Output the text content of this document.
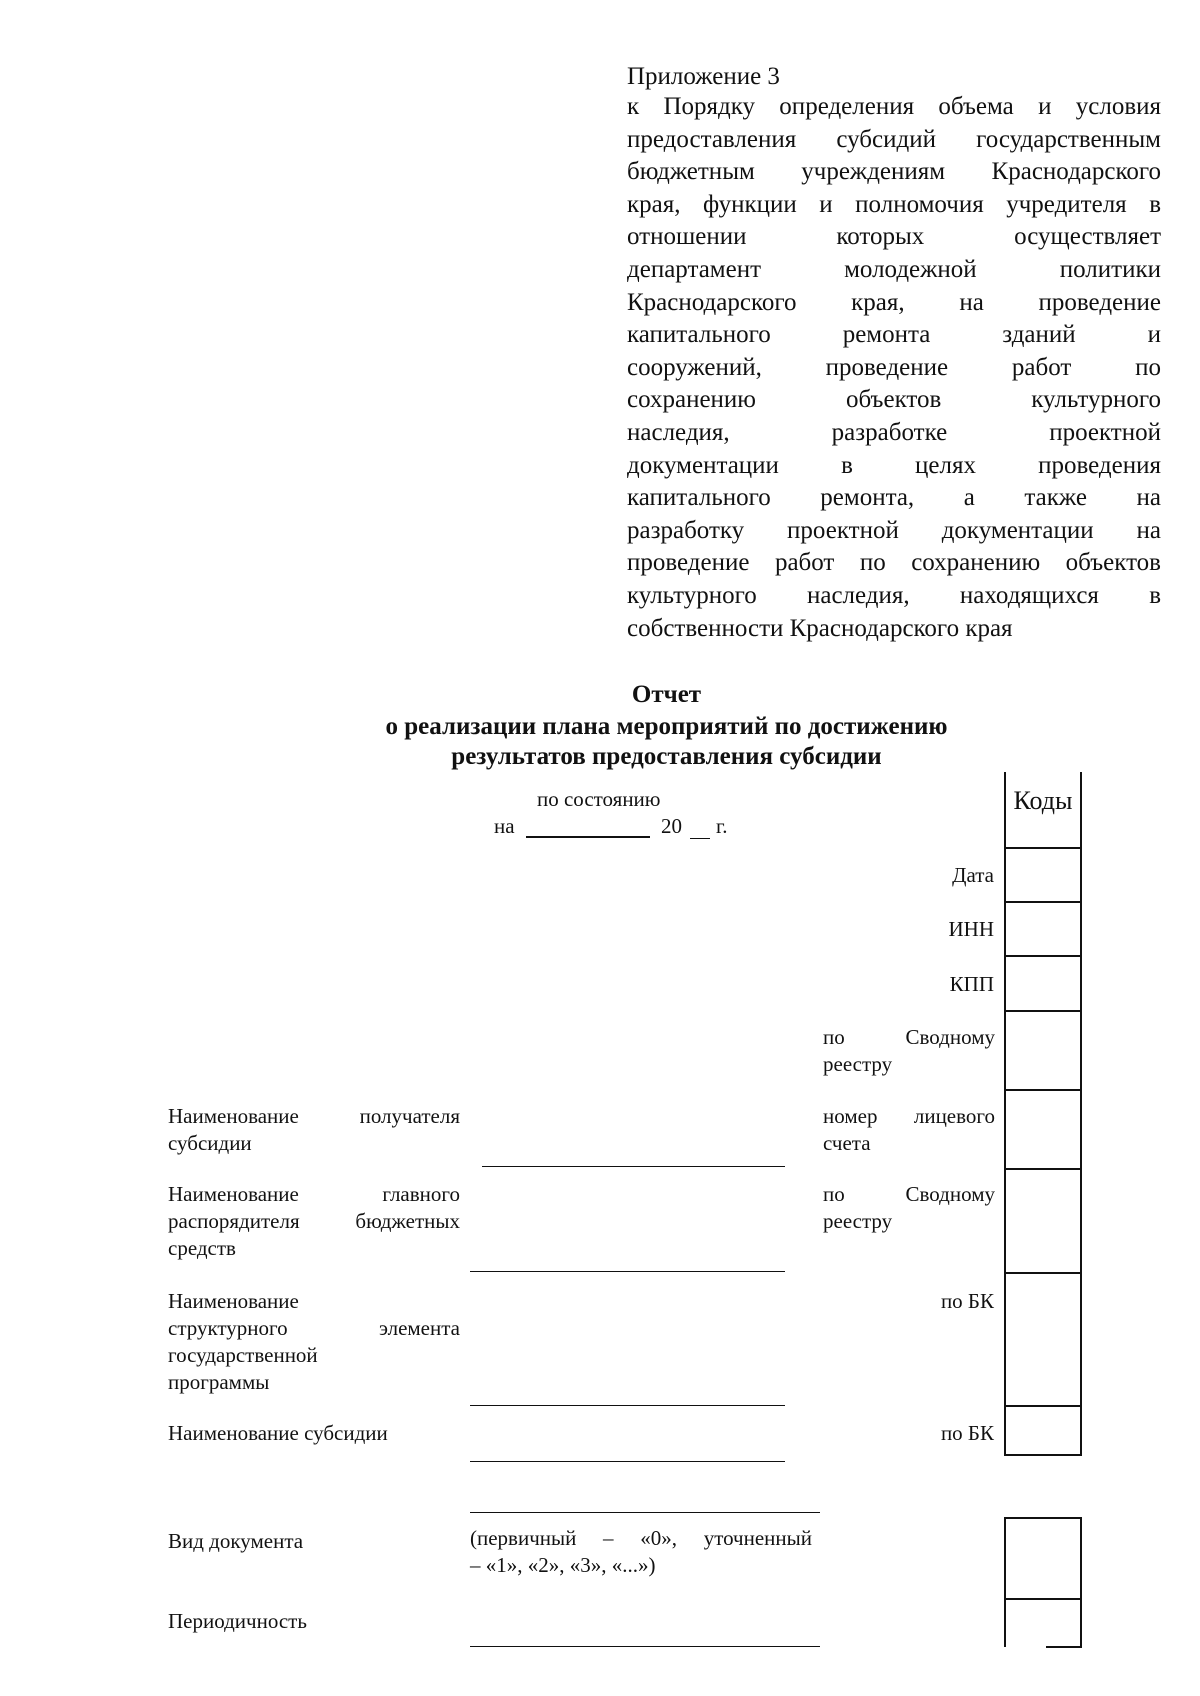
Приложение 3
к Порядку определения объема и условия
предоставления субсидий государственным
бюджетным учреждениям Краснодарского
края, функции и полномочия учредителя в
отношении которых осуществляет
департамент молодежной политики
Краснодарского края, на проведение
капитального ремонта зданий и
сооружений, проведение работ по
сохранению объектов культурного
наследия, разработке проектной
документации в целях проведения
капитального ремонта, а также на
разработку проектной документации на
проведение работ по сохранению объектов
культурного наследия, находящихся в
собственности Краснодарского края
Отчет
о реализации плана мероприятий по достижению
результатов предоставления субсидии
по состоянию
на	20 г.
Коды
Дата
ИНН
КПП
по Сводному
реестру
номер лицевого
счета
по Сводному
реестру
по БК
по БК
Наименование получателя
субсидии
Наименование главного
распорядителя бюджетных
средств
Наименование
структурного элемента
государственной
программы
Наименование субсидии
Вид документа	(первичный – «0», уточненный
– «1», «2», «3», «...»)
Периодичность
